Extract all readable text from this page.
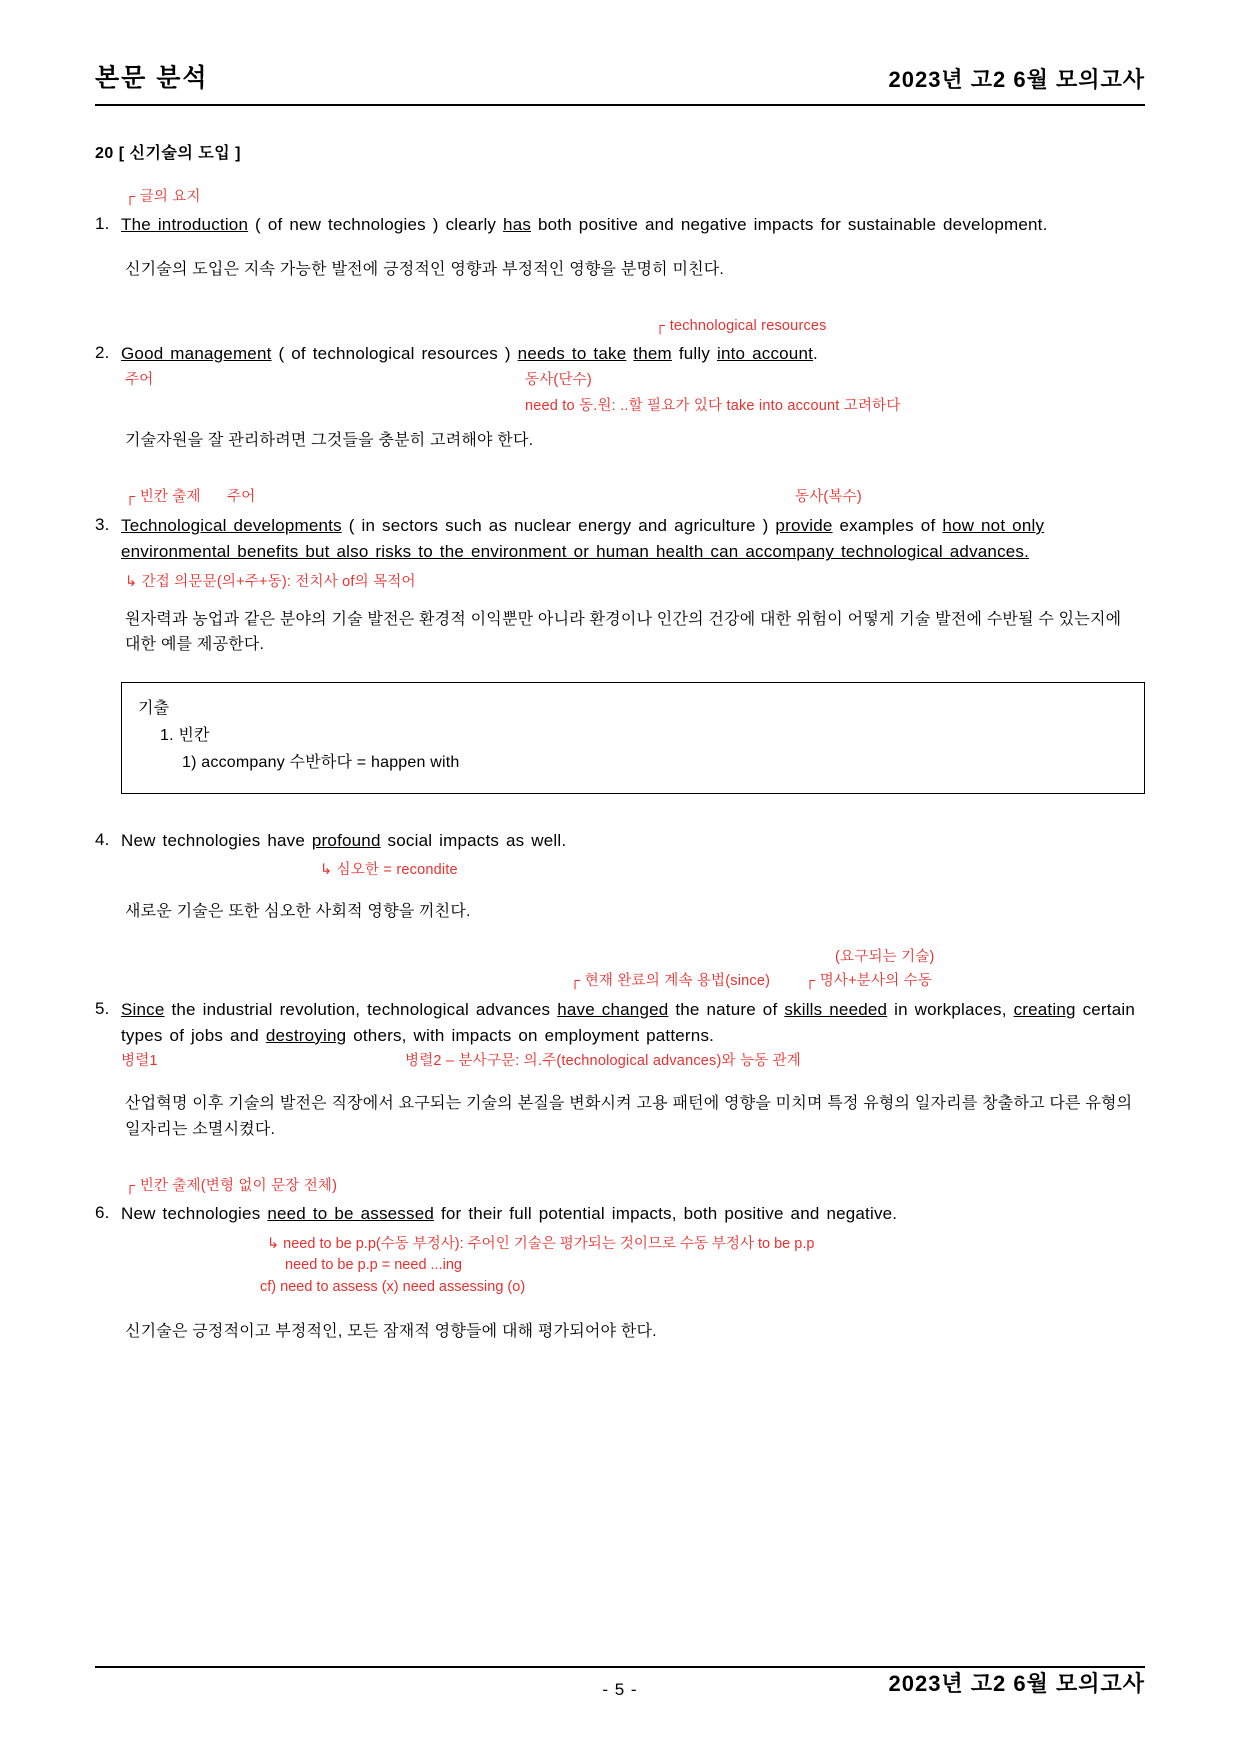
본문 분석	2023년 고2 6월 모의고사
20 [ 신기술의 도입 ]
┌ 글의 요지
1. The introduction ( of new technologies ) clearly has both positive and negative impacts for sustainable development.
신기술의 도입은 지속 가능한 발전에 긍정적인 영향과 부정적인 영향을 분명히 미친다.
┌ technological resources
2. Good management ( of technological resources ) needs to take them fully into account.
주어	동사(단수)
need to 동.원: ..할 필요가 있다 take into account 고려하다
기술자원을 잘 관리하려면 그것들을 충분히 고려해야 한다.
┌ 빈칸 출제 주어	동사(복수)
3. Technological developments ( in sectors such as nuclear energy and agriculture ) provide examples of how not only environmental benefits but also risks to the environment or human health can accompany technological advances.
↳ 간접 의문문(의+주+동): 전치사 of의 목적어
원자력과 농업과 같은 분야의 기술 발전은 환경적 이익뿐만 아니라 환경이나 인간의 건강에 대한 위험이 어떻게 기술 발전에 수반될 수 있는지에 대한 예를 제공한다.
기출
1. 빈칸
1) accompany 수반하다 = happen with
4. New technologies have profound social impacts as well.
↳ 심오한 = recondite
새로운 기술은 또한 심오한 사회적 영향을 끼친다.
(요구되는 기술)
┌ 현재 완료의 계속 용법(since) ┌ 명사+분사의 수동
5. Since the industrial revolution, technological advances have changed the nature of skills needed in workplaces, creating certain types of jobs and destroying others, with impacts on employment patterns.
병렬1	병렬2 – 분사구문: 의.주(technological advances)와 능동 관계
산업혁명 이후 기술의 발전은 직장에서 요구되는 기술의 본질을 변화시켜 고용 패턴에 영향을 미치며 특정 유형의 일자리를 창출하고 다른 유형의 일자리는 소멸시켰다.
┌ 빈칸 출제(변형 없이 문장 전체)
6. New technologies need to be assessed for their full potential impacts, both positive and negative.
↳ need to be p.p(수동 부정사): 주어인 기술은 평가되는 것이므로 수동 부정사 to be p.p
need to be p.p = need ...ing
cf) need to assess (x) need assessing (o)
신기술은 긍정적이고 부정적인, 모든 잠재적 영향들에 대해 평가되어야 한다.
- 5 -	2023년 고2 6월 모의고사
